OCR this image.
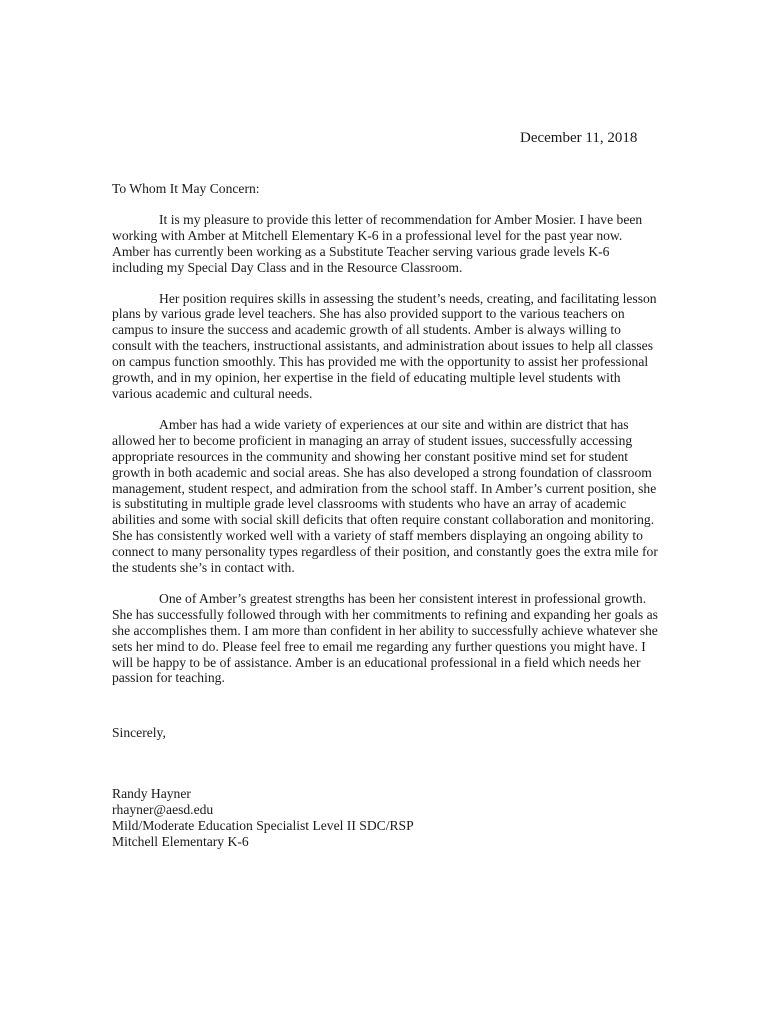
December 11, 2018

To Whom It May Concern:

It is my pleasure to provide this letter of recommendation for Amber Mosier. I have been working with Amber at Mitchell Elementary K-6 in a professional level for the past year now. Amber has currently been working as a Substitute Teacher serving various grade levels K-6 including my Special Day Class and in the Resource Classroom.

Her position requires skills in assessing the student’s needs, creating, and facilitating lesson plans by various grade level teachers. She has also provided support to the various teachers on campus to insure the success and academic growth of all students. Amber is always willing to consult with the teachers, instructional assistants, and administration about issues to help all classes on campus function smoothly. This has provided me with the opportunity to assist her professional growth, and in my opinion, her expertise in the field of educating multiple level students with various academic and cultural needs.

Amber has had a wide variety of experiences at our site and within are district that has allowed her to become proficient in managing an array of student issues, successfully accessing appropriate resources in the community and showing her constant positive mind set for student growth in both academic and social areas. She has also developed a strong foundation of classroom management, student respect, and admiration from the school staff. In Amber’s current position, she is substituting in multiple grade level classrooms with students who have an array of academic abilities and some with social skill deficits that often require constant collaboration and monitoring. She has consistently worked well with a variety of staff members displaying an ongoing ability to connect to many personality types regardless of their position, and constantly goes the extra mile for the students she’s in contact with.

One of Amber’s greatest strengths has been her consistent interest in professional growth. She has successfully followed through with her commitments to refining and expanding her goals as she accomplishes them. I am more than confident in her ability to successfully achieve whatever she sets her mind to do. Please feel free to email me regarding any further questions you might have. I will be happy to be of assistance. Amber is an educational professional in a field which needs her passion for teaching.

Sincerely,

Randy Hayner
rhayner@aesd.edu
Mild/Moderate Education Specialist Level II SDC/RSP
Mitchell Elementary K-6
